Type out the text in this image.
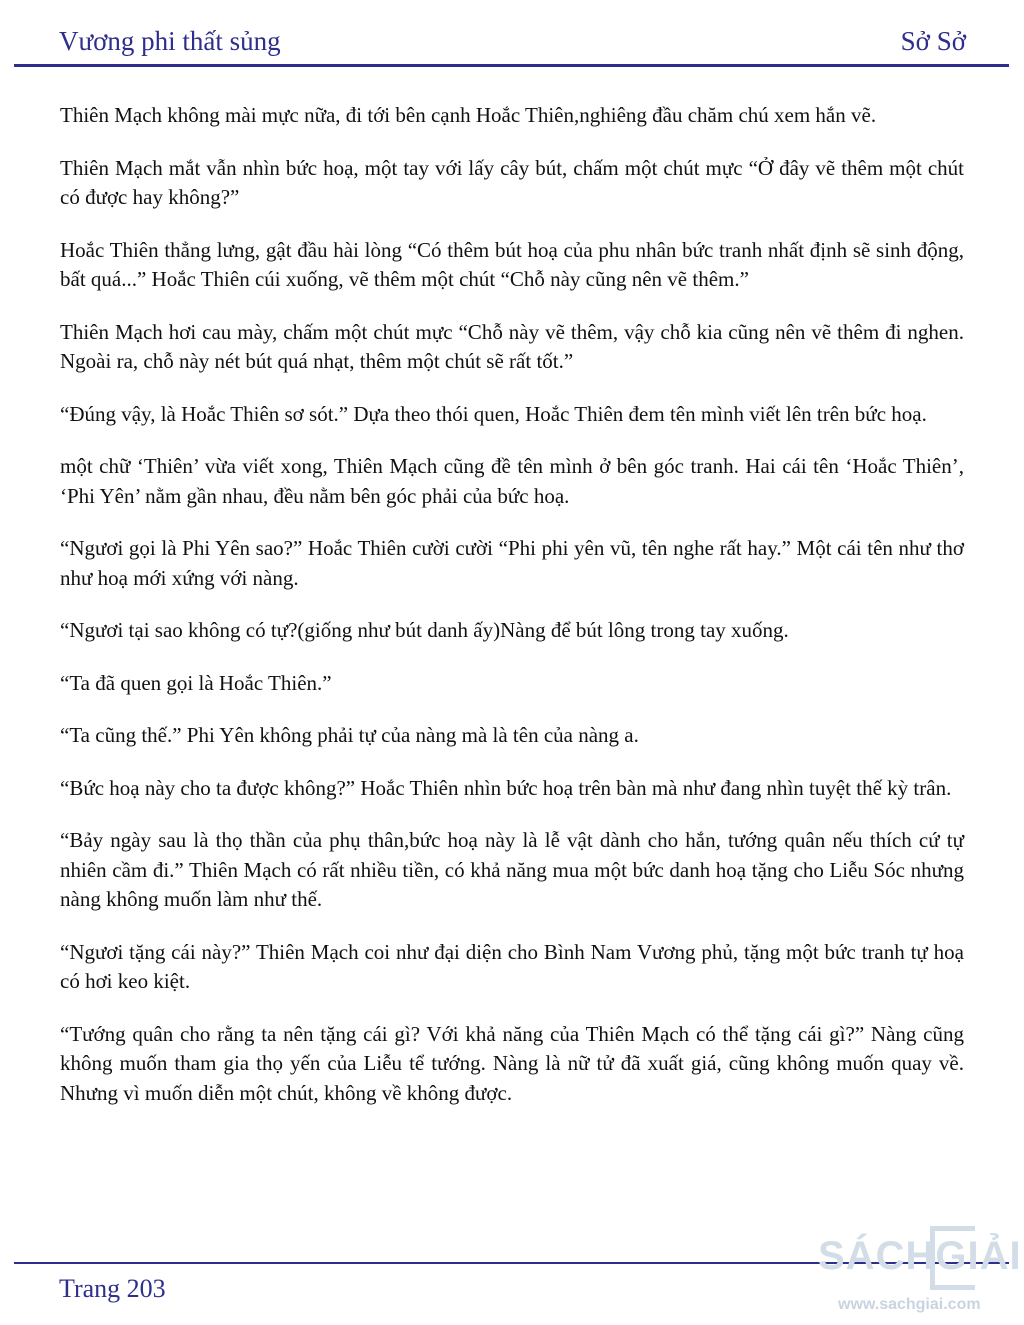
Vương phi thất sủng	Sở Sở

Thiên Mạch không mài mực nữa, đi tới bên cạnh Hoắc Thiên,nghiêng đầu chăm chú xem hắn vẽ.

Thiên Mạch mắt vẫn nhìn bức hoạ, một tay với lấy cây bút, chấm một chút mực “Ở đây vẽ thêm một chút có được hay không?”

Hoắc Thiên thẳng lưng, gật đầu hài lòng “Có thêm bút hoạ của phu nhân bức tranh nhất định sẽ sinh động, bất quá...” Hoắc Thiên cúi xuống, vẽ thêm một chút “Chỗ này cũng nên vẽ thêm.”

Thiên Mạch hơi cau mày, chấm một chút mực “Chỗ này vẽ thêm, vậy chỗ kia cũng nên vẽ thêm đi nghen. Ngoài ra, chỗ này nét bút quá nhạt, thêm một chút sẽ rất tốt.”

“Đúng vậy, là Hoắc Thiên sơ sót.” Dựa theo thói quen, Hoắc Thiên đem tên mình viết lên trên bức hoạ.

một chữ ‘Thiên’ vừa viết xong, Thiên Mạch cũng đề tên mình ở bên góc tranh. Hai cái tên ‘Hoắc Thiên’, ‘Phi Yên’ nằm gần nhau, đều nằm bên góc phải của bức hoạ.

“Ngươi gọi là Phi Yên sao?” Hoắc Thiên cười cười “Phi phi yên vũ, tên nghe rất hay.” Một cái tên như thơ như hoạ mới xứng với nàng.

“Ngươi tại sao không có tự?(giống như bút danh ấy)Nàng để bút lông trong tay xuống.

“Ta đã quen gọi là Hoắc Thiên.”

“Ta cũng thế.” Phi Yên không phải tự của nàng mà là tên của nàng a.

“Bức hoạ này cho ta được không?” Hoắc Thiên nhìn bức hoạ trên bàn mà như đang nhìn tuyệt thế kỳ trân.

“Bảy ngày sau là thọ thần của phụ thân,bức hoạ này là lễ vật dành cho hắn, tướng quân nếu thích cứ tự nhiên cầm đi.” Thiên Mạch có rất nhiều tiền, có khả năng mua một bức danh hoạ tặng cho Liễu Sóc nhưng nàng không muốn làm như thế.

“Ngươi tặng cái này?” Thiên Mạch coi như đại diện cho Bình Nam Vương phủ, tặng một bức tranh tự hoạ có hơi keo kiệt.

“Tướng quân cho rằng ta nên tặng cái gì? Với khả năng của Thiên Mạch có thể tặng cái gì?” Nàng cũng không muốn tham gia thọ yến của Liễu tể tướng. Nàng là nữ tử đã xuất giá, cũng không muốn quay về. Nhưng vì muốn diễn một chút, không về không được.

Trang 203
SÁCHGIẢI
www.sachgiai.com
